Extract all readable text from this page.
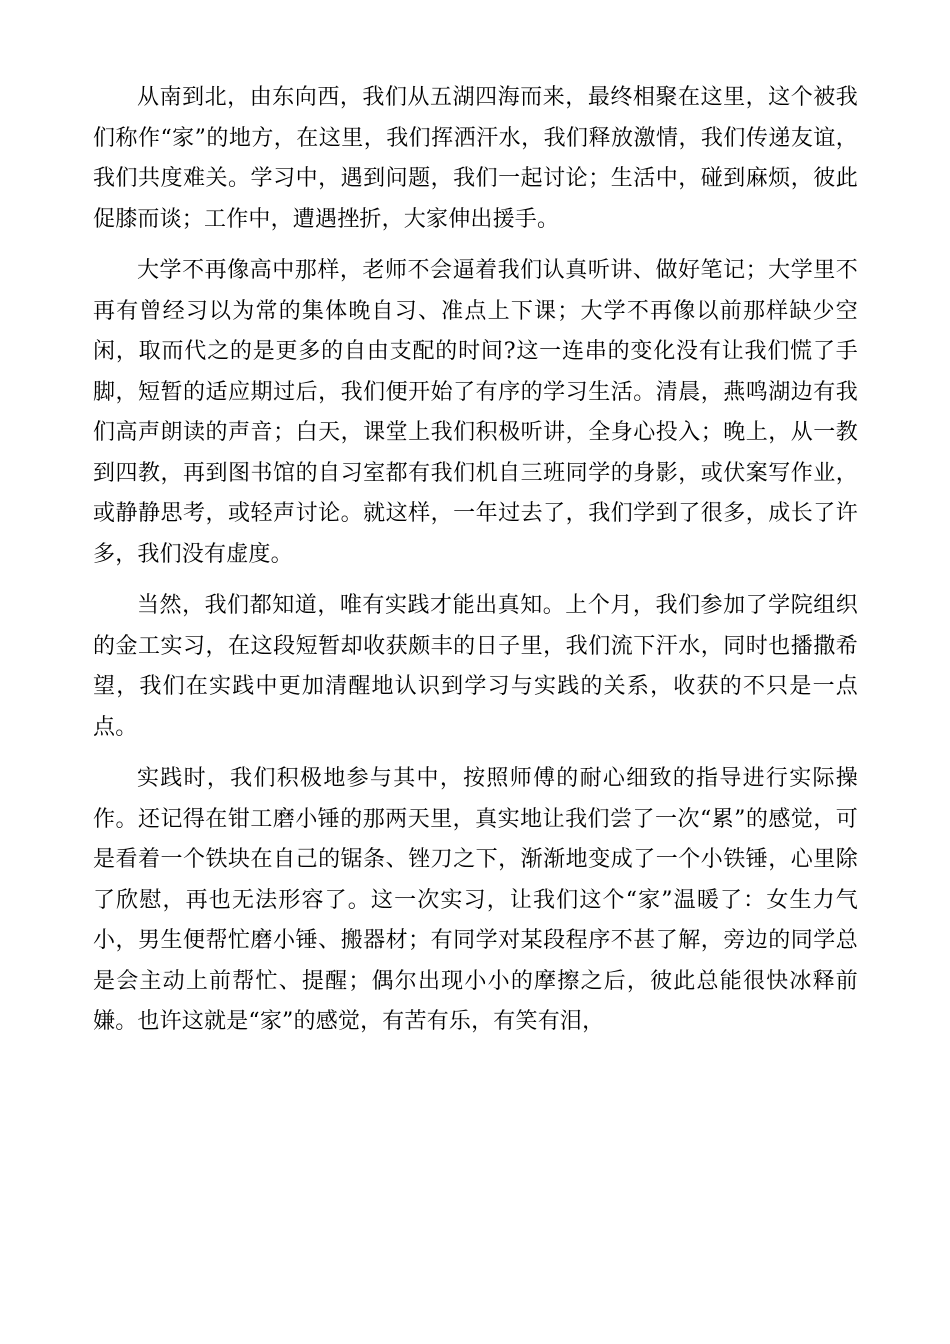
从南到北，由东向西，我们从五湖四海而来，最终相聚在这里，这个被我们称作“家”的地方，在这里，我们挥洒汗水，我们释放激情，我们传递友谊，我们共度难关。学习中，遇到问题，我们一起讨论；生活中，碰到麻烦，彼此促膝而谈；工作中，遭遇挫折，大家伸出援手。

大学不再像高中那样，老师不会逼着我们认真听讲、做好笔记；大学里不再有曾经习以为常的集体晚自习、准点上下课；大学不再像以前那样缺少空闲，取而代之的是更多的自由支配的时间?这一连串的变化没有让我们慌了手脚，短暂的适应期过后，我们便开始了有序的学习生活。清晨，燕鸣湖边有我们高声朗读的声音；白天，课堂上我们积极听讲，全身心投入；晚上，从一教到四教，再到图书馆的自习室都有我们机自三班同学的身影，或伏案写作业，或静静思考，或轻声讨论。就这样，一年过去了，我们学到了很多，成长了许多，我们没有虚度。

当然，我们都知道，唯有实践才能出真知。上个月，我们参加了学院组织的金工实习，在这段短暂却收获颇丰的日子里，我们流下汗水，同时也播撒希望，我们在实践中更加清醒地认识到学习与实践的关系，收获的不只是一点点。

实践时，我们积极地参与其中，按照师傅的耐心细致的指导进行实际操作。还记得在钳工磨小锤的那两天里，真实地让我们尝了一次“累”的感觉，可是看着一个铁块在自己的锯条、锉刀之下，渐渐地变成了一个小铁锤，心里除了欣慰，再也无法形容了。这一次实习，让我们这个“家”温暖了：女生力气小，男生便帮忙磨小锤、搬器材；有同学对某段程序不甚了解，旁边的同学总是会主动上前帮忙、提醒；偶尔出现小小的摩擦之后，彼此总能很快冰释前嫌。也许这就是“家”的感觉，有苦有乐，有笑有泪，
